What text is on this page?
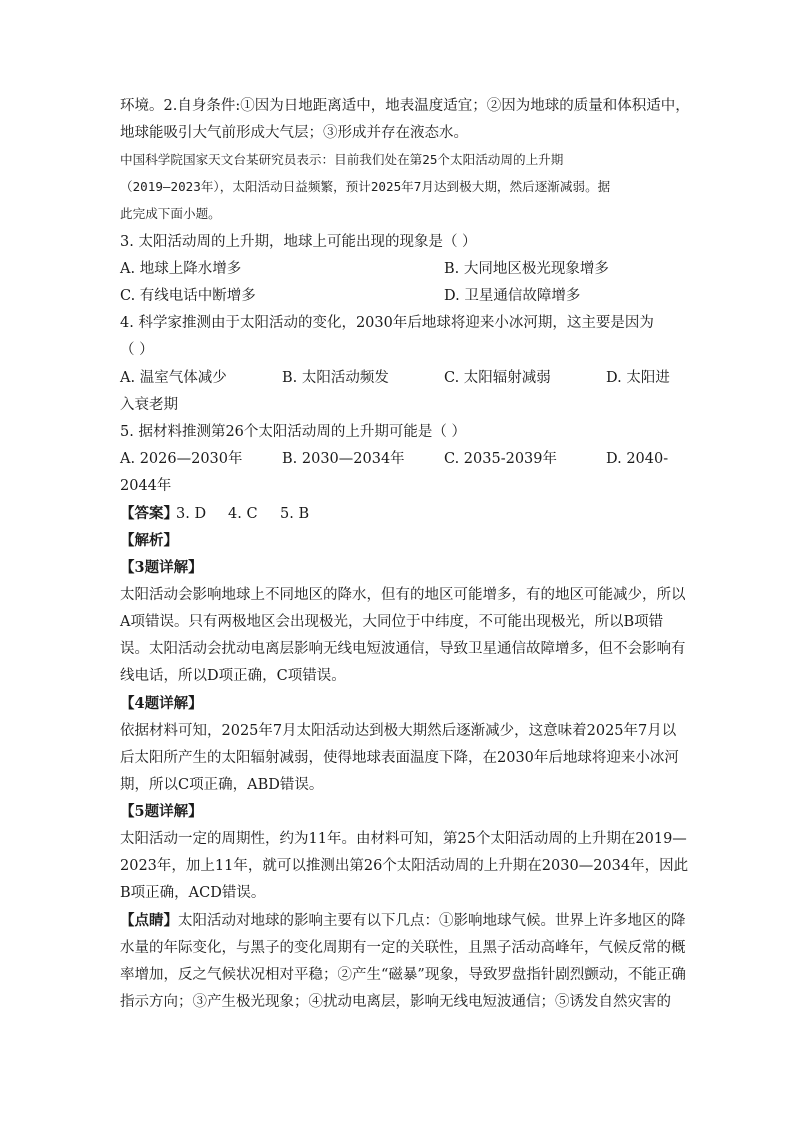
环境。2.自身条件:①因为日地距离适中，地表温度适宜；②因为地球的质量和体积适中，
地球能吸引大气前形成大气层；③形成并存在液态水。
中国科学院国家天文台某研究员表示：目前我们处在第25个太阳活动周的上升期
（2019—2023年），太阳活动日益频繁，预计2025年7月达到极大期，然后逐渐减弱。据
此完成下面小题。
3. 太阳活动周的上升期，地球上可能出现的现象是（ ）
A. 地球上降水增多	B. 大同地区极光现象增多
C. 有线电话中断增多	D. 卫星通信故障增多
4. 科学家推测由于太阳活动的变化，2030年后地球将迎来小冰河期，这主要是因为
（ ）
A. 温室气体减少	B. 太阳活动频发	C. 太阳辐射减弱	D. 太阳进
入衰老期
5. 据材料推测第26个太阳活动周的上升期可能是（ ）
A. 2026—2030年	B. 2030—2034年	C. 2035-2039年	D. 2040-
2044年
【答案】
3. D 4. C 5. B
【解析】
【3题详解】
太阳活动会影响地球上不同地区的降水，但有的地区可能增多，有的地区可能减少，所以
A项错误。只有两极地区会出现极光，大同位于中纬度，不可能出现极光，所以B项错
误。太阳活动会扰动电离层影响无线电短波通信，导致卫星通信故障增多，但不会影响有
线电话，所以D项正确，C项错误。
【4题详解】
依据材料可知，2025年7月太阳活动达到极大期然后逐渐减少，这意味着2025年7月以
后太阳所产生的太阳辐射减弱，使得地球表面温度下降，在2030年后地球将迎来小冰河
期，所以C项正确，ABD错误。
【5题详解】
太阳活动一定的周期性，约为11年。由材料可知，第25个太阳活动周的上升期在2019—
2023年，加上11年，就可以推测出第26个太阳活动周的上升期在2030—2034年，因此
B项正确，ACD错误。
【点睛】太阳活动对地球的影响主要有以下几点：①影响地球气候。世界上许多地区的降
水量的年际变化，与黑子的变化周期有一定的关联性，且黑子活动高峰年，气候反常的概
率增加，反之气候状况相对平稳；②产生“磁暴”现象，导致罗盘指针剧烈颤动，不能正确
指示方向；③产生极光现象；④扰动电离层，影响无线电短波通信；⑤诱发自然灾害的
